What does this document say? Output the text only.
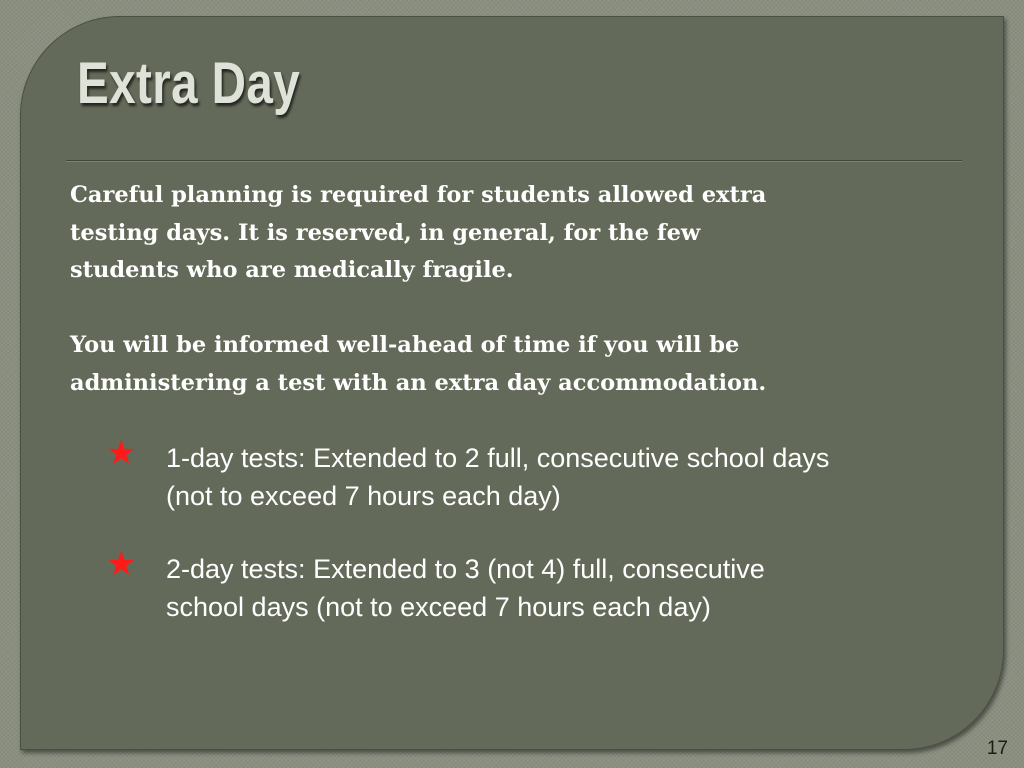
Extra Day

Careful planning is required for students allowed extra
testing days. It is reserved, in general, for the few
students who are medically fragile.

You will be informed well-ahead of time if you will be
administering a test with an extra day accommodation.

★ 1-day tests: Extended to 2 full, consecutive school days
(not to exceed 7 hours each day)
★ 2-day tests: Extended to 3 (not 4) full, consecutive
school days (not to exceed 7 hours each day)
17
